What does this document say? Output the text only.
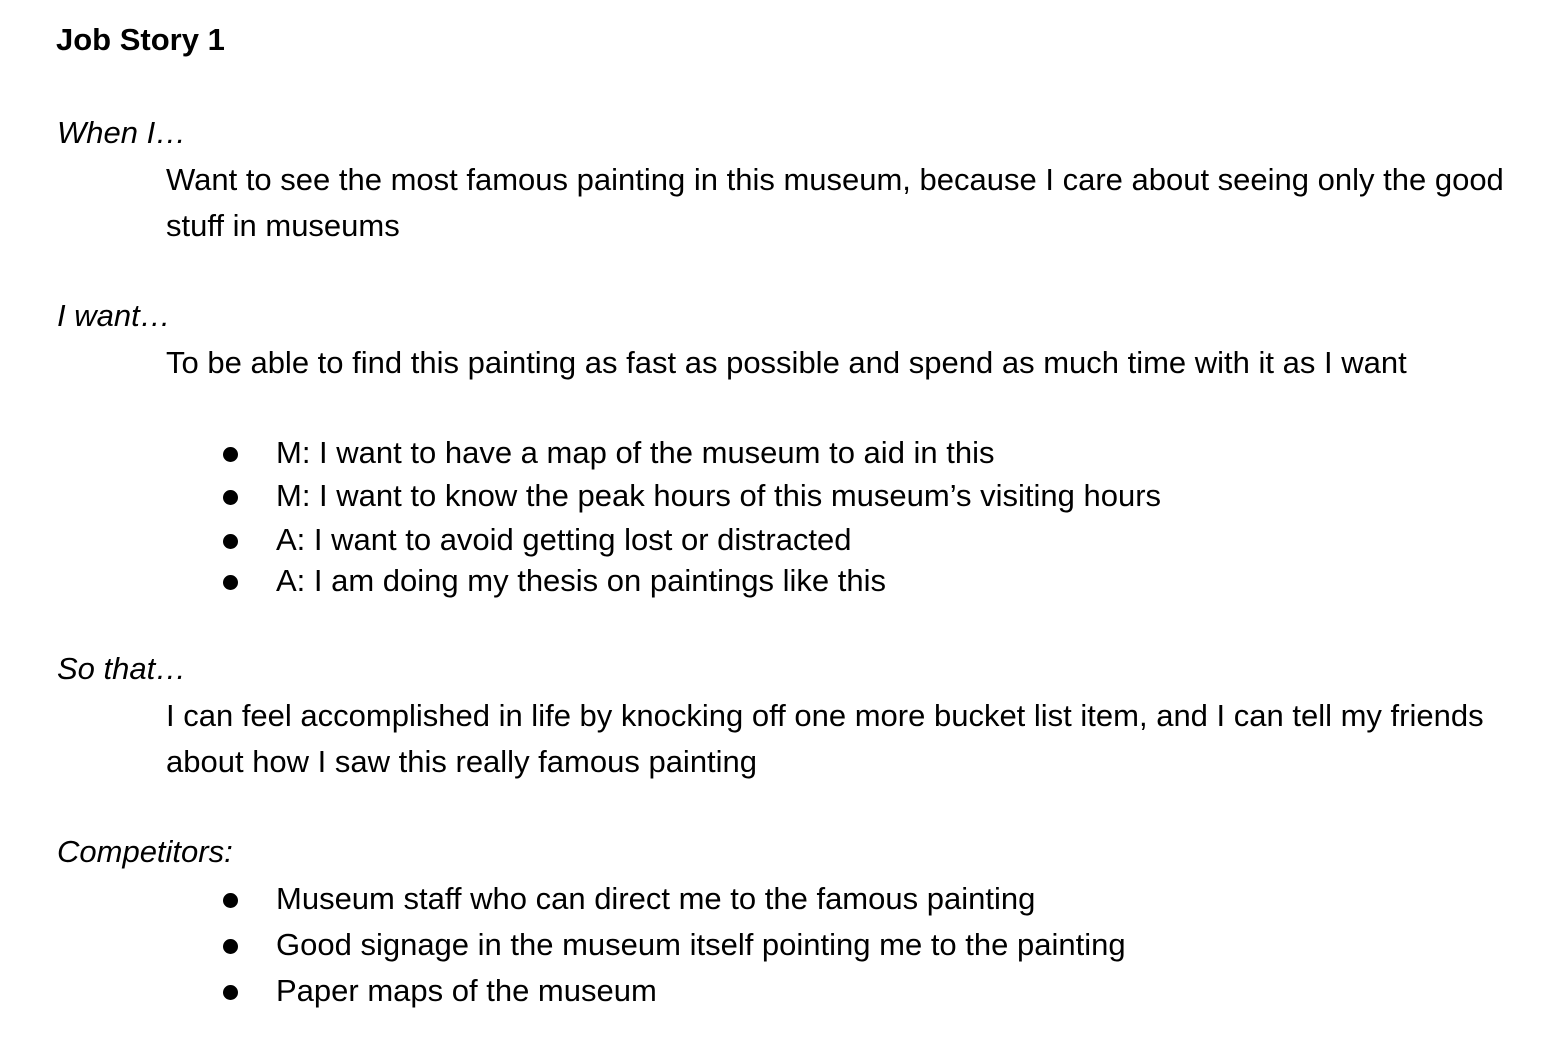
Job Story 1
When I…
Want to see the most famous painting in this museum, because I care about seeing only the good stuff in museums
I want…
To be able to find this painting as fast as possible and spend as much time with it as I want
M: I want to have a map of the museum to aid in this
M: I want to know the peak hours of this museum’s visiting hours
A: I want to avoid getting lost or distracted
A: I am doing my thesis on paintings like this
So that…
I can feel accomplished in life by knocking off one more bucket list item, and I can tell my friends about how I saw this really famous painting
Competitors:
Museum staff who can direct me to the famous painting
Good signage in the museum itself pointing me to the painting
Paper maps of the museum
